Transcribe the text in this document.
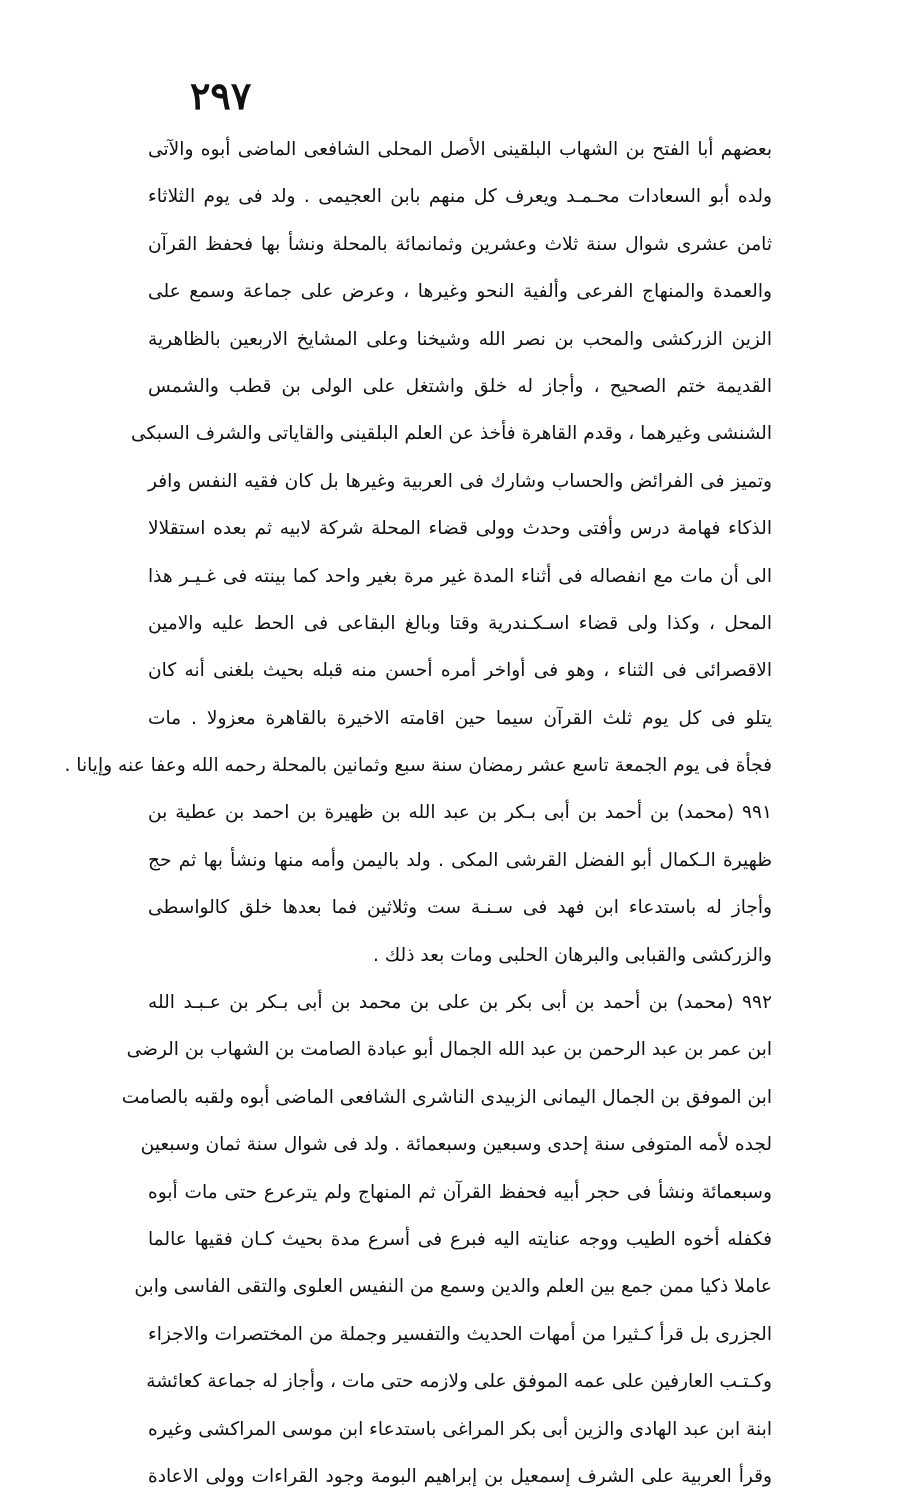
٢٩٧
بعضهم أبا الفتح بن الشهاب البلقينى الأصل المحلى الشافعى الماضى أبوه والآتى
ولده أبو السعادات محـمـد ويعرف كل منهم بابن العجيمى . ولد فى يوم الثلاثاء
ثامن عشرى شوال سنة ثلاث وعشرين وثمانمائة بالمحلة ونشأ بها فحفظ القرآن
والعمدة والمنهاج الفرعى وألفية النحو وغيرها ، وعرض على جماعة وسمع على
الزين الزركشى والمحب بن نصر الله وشيخنا وعلى المشايخ الاربعين بالظاهرية
القديمة ختم الصحيح ، وأجاز له خلق واشتغل على الولى بن قطب والشمس
الشنشى وغيرهما ، وقدم القاهرة فأخذ عن العلم البلقينى والقاياتى والشرف السبكى
وتميز فى الفرائض والحساب وشارك فى العربية وغيرها بل كان فقيه النفس وافر
الذكاء فهامة درس وأفتى وحدث وولى قضاء المحلة شركة لابيه ثم بعده استقلالا
الى أن مات مع انفصاله فى أثناء المدة غير مرة بغير واحد كما بينته فى غـيـر هذا
المحل ، وكذا ولى قضاء اسـكـندرية وقتا وبالغ البقاعى فى الحط عليه والامين
الاقصرائى فى الثناء ، وهو فى أواخر أمره أحسن منه قبله بحيث بلغنى أنه كان
يتلو فى كل يوم ثلث القرآن سيما حين اقامته الاخيرة بالقاهرة معزولا . مات
فجأة فى يوم الجمعة تاسع عشر رمضان سنة سبع وثمانين بالمحلة رحمه الله وعفا عنه وإيانا .
٩٩١ (محمد) بن أحمد بن أبى بـكر بن عبد الله بن ظهيرة بن احمد بن عطية بن
ظهيرة الـكمال أبو الفضل القرشى المكى . ولد باليمن وأمه منها ونشأ بها ثم حج
وأجاز له باستدعاء ابن فهد فى سـنـة ست وثلاثين فما بعدها خلق كالواسطى
والزركشى والقبابى والبرهان الحلبى ومات بعد ذلك .
٩٩٢ (محمد) بن أحمد بن أبى بكر بن على بن محمد بن أبى بـكر بن عـبـد الله
ابن عمر بن عبد الرحمن بن عبد الله الجمال أبو عبادة الصامت بن الشهاب بن الرضى
ابن الموفق بن الجمال اليمانى الزبيدى الناشرى الشافعى الماضى أبوه ولقبه بالصامت
لجده لأمه المتوفى سنة إحدى وسبعين وسبعمائة . ولد فى شوال سنة ثمان وسبعين
وسبعمائة ونشأ فى حجر أبيه فحفظ القرآن ثم المنهاج ولم يترعرع حتى مات أبوه
فكفله أخوه الطيب ووجه عنايته اليه فبرع فى أسرع مدة بحيث كـان فقيها عالما
عاملا ذكيا ممن جمع بين العلم والدين وسمع من النفيس العلوى والتقى الفاسى وابن
الجزرى بل قرأ كـثيرا من أمهات الحديث والتفسير وجملة من المختصرات والاجزاء
وكـتـب العارفين على عمه الموفق على ولازمه حتى مات ، وأجاز له جماعة كعائشة
ابنة ابن عبد الهادى والزين أبى بكر المراغى باستدعاء ابن موسى المراكشى وغيره
وقرأ العربية على الشرف إسمعيل بن إبراهيم البومة وجود القراءات وولى الاعادة
